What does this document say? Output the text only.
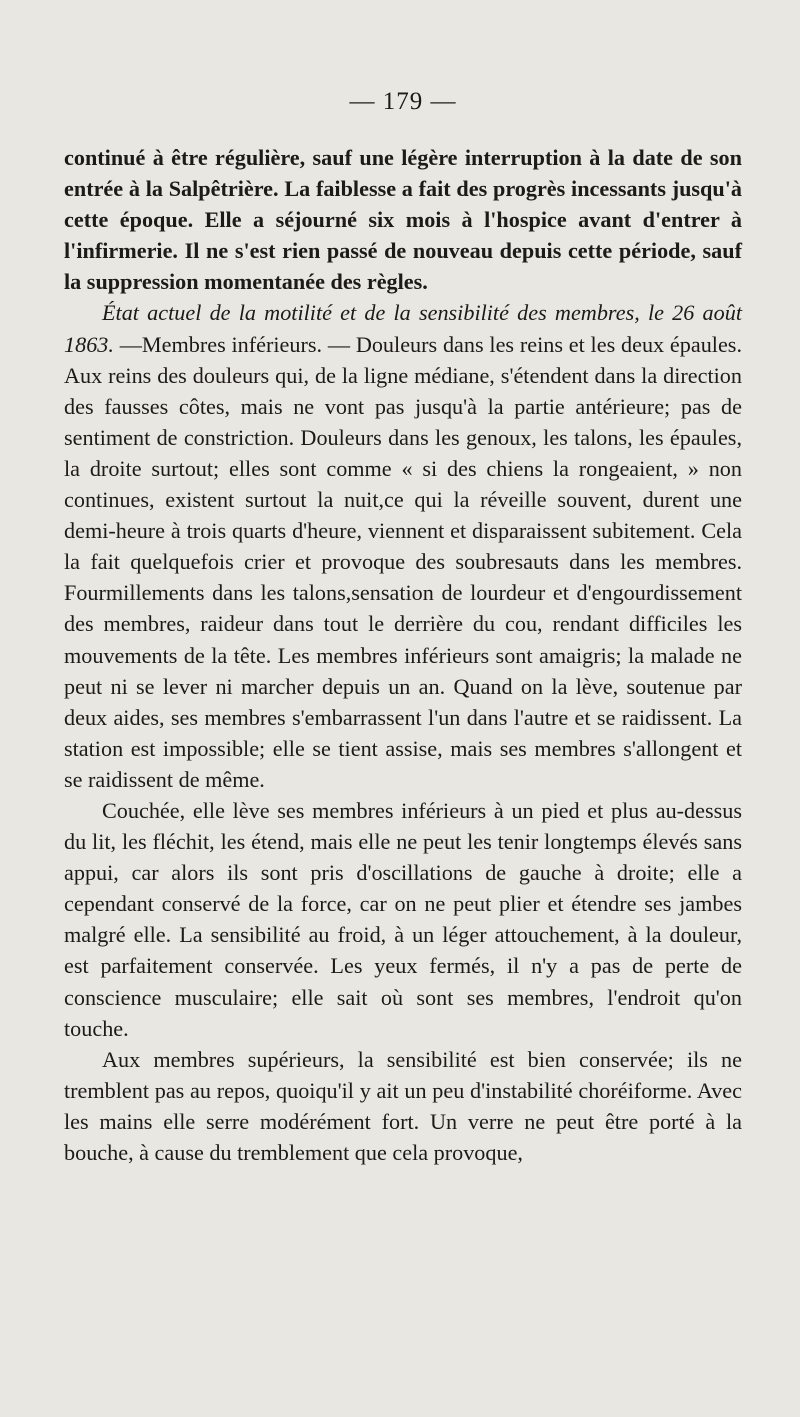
— 179 —

continué à être régulière, sauf une légère interruption à la date de son entrée à la Salpêtrière. La faiblesse a fait des progrès incessants jusqu'à cette époque. Elle a séjourné six mois à l'hospice avant d'entrer à l'infirmerie. Il ne s'est rien passé de nouveau depuis cette période, sauf la suppression momentanée des règles.

État actuel de la motilité et de la sensibilité des membres, le 26 août 1863. —Membres inférieurs. — Douleurs dans les reins et les deux épaules. Aux reins des douleurs qui, de la ligne médiane, s'étendent dans la direction des fausses côtes, mais ne vont pas jusqu'à la partie antérieure; pas de sentiment de constriction. Douleurs dans les genoux, les talons, les épaules, la droite surtout; elles sont comme « si des chiens la rongeaient, » non continues, existent surtout la nuit,ce qui la réveille souvent, durent une demi-heure à trois quarts d'heure, viennent et disparaissent subitement. Cela la fait quelquefois crier et provoque des soubresauts dans les membres. Fourmillements dans les talons,sensation de lourdeur et d'engourdissement des membres, raideur dans tout le derrière du cou, rendant difficiles les mouvements de la tête. Les membres inférieurs sont amaigris; la malade ne peut ni se lever ni marcher depuis un an. Quand on la lève, soutenue par deux aides, ses membres s'embarrassent l'un dans l'autre et se raidissent. La station est impossible; elle se tient assise, mais ses membres s'allongent et se raidissent de même.

Couchée, elle lève ses membres inférieurs à un pied et plus au-dessus du lit, les fléchit, les étend, mais elle ne peut les tenir longtemps élevés sans appui, car alors ils sont pris d'oscillations de gauche à droite; elle a cependant conservé de la force, car on ne peut plier et étendre ses jambes malgré elle. La sensibilité au froid, à un léger attouchement, à la douleur, est parfaitement conservée. Les yeux fermés, il n'y a pas de perte de conscience musculaire; elle sait où sont ses membres, l'endroit qu'on touche.

Aux membres supérieurs, la sensibilité est bien conservée; ils ne tremblent pas au repos, quoiqu'il y ait un peu d'instabilité choréiforme. Avec les mains elle serre modérément fort. Un verre ne peut être porté à la bouche, à cause du tremblement que cela provoque,
